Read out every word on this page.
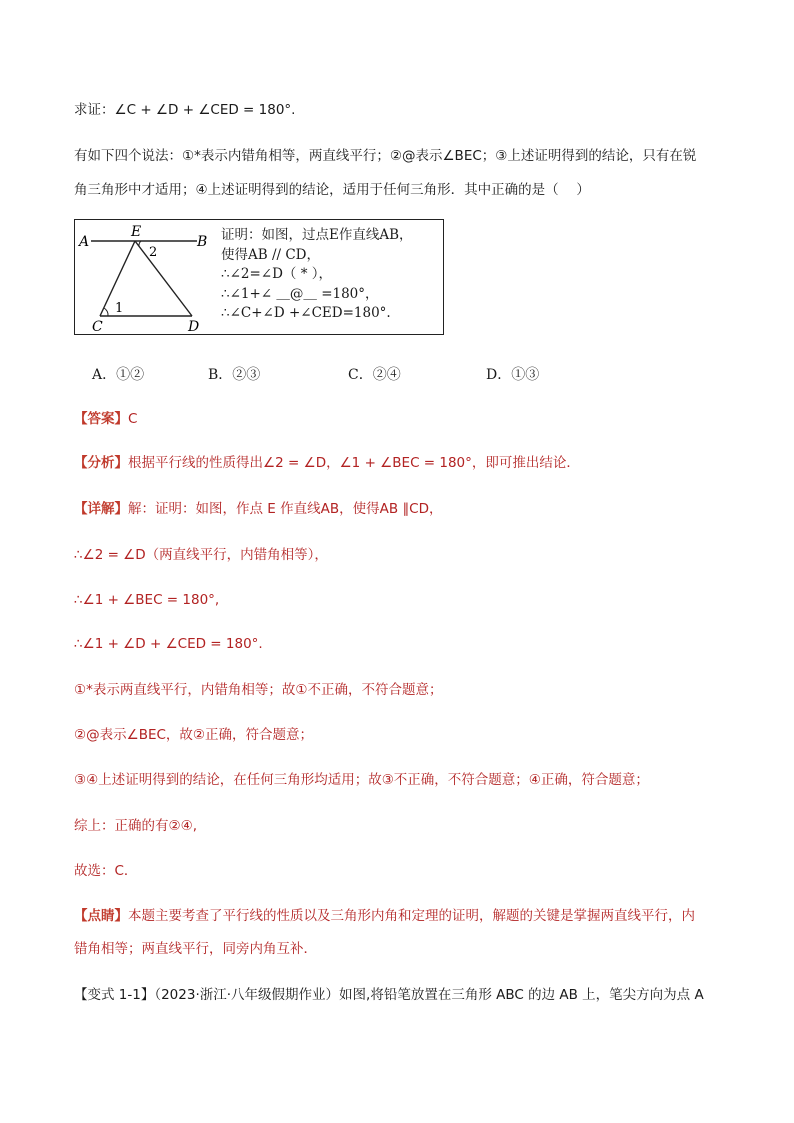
求证：∠C + ∠D + ∠CED = 180°.
有如下四个说法：①*表示内错角相等，两直线平行；②@表示∠BEC；③上述证明得到的结论，只有在锐
角三角形中才适用；④上述证明得到的结论，适用于任何三角形．其中正确的是（　 ）
A
E
B
2
1
C	D
证明：如图，过点E作直线AB，
使得AB // CD，
∴∠2=∠D（ * ），
∴∠1+∠ ＿@＿ =180°，
∴∠C+∠D +∠CED=180°.
A．①②	B．②③	C．②④	D．①③
【答案】C
【分析】根据平行线的性质得出∠2 = ∠D，∠1 + ∠BEC = 180°，即可推出结论．
【详解】解：证明：如图，作点 E 作直线AB，使得AB ∥CD，
∴∠2 = ∠D（两直线平行，内错角相等），
∴∠1 + ∠BEC = 180°,
∴∠1 + ∠D + ∠CED = 180°.
①*表示两直线平行，内错角相等；故①不正确，不符合题意；
②@表示∠BEC，故②正确，符合题意；
③④上述证明得到的结论，在任何三角形均适用；故③不正确，不符合题意；④正确，符合题意；
综上：正确的有②④,
故选：C．
【点睛】本题主要考查了平行线的性质以及三角形内角和定理的证明，解题的关键是掌握两直线平行，内
错角相等；两直线平行，同旁内角互补．
【变式 1-1】（2023·浙江·八年级假期作业）如图,将铅笔放置在三角形 ABC 的边 AB 上，笔尖方向为点 A
